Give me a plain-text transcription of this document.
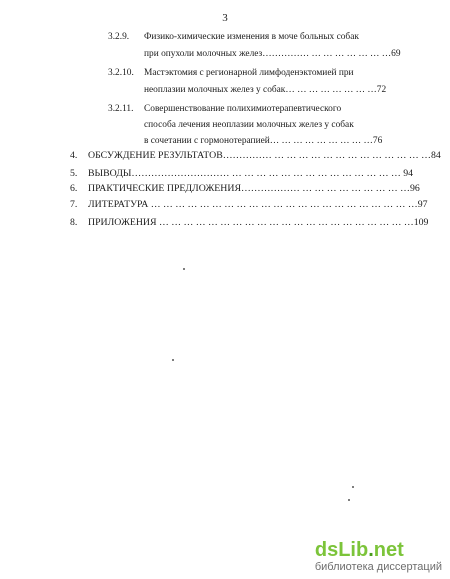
3
3.2.9. Физико-химические изменения в моче больных собак
при опухоли молочных желез…………… … … … … … … …69
3.2.10. Мастэктомия с регионарной лимфоденэктомией при
неоплазии молочных желез у собак… … … … … … … …72
3.2.11. Совершенствование полихимиотерапевтического
способа лечения неоплазии молочных желез у собак
в сочетании с гормонотерапией… … … … … … … … …76
4. ОБСУЖДЕНИЕ РЕЗУЛЬТАТОВ…………… … … … … … … … … … … … … …84
5. ВЫВОДЫ………………………… … … … … … … … … … … … … … … 94
6. ПРАКТИЧЕСКИЕ ПРЕДЛОЖЕНИЯ……………… … … … … … … … … …96
7. ЛИТЕРАТУРА … … … … … … … … … … … … … … … … … … … … … …97
8. ПРИЛОЖЕНИЯ … … … … … … … … … … … … … … … … … … … … …109
dsLib.net
библиотека диссертаций
